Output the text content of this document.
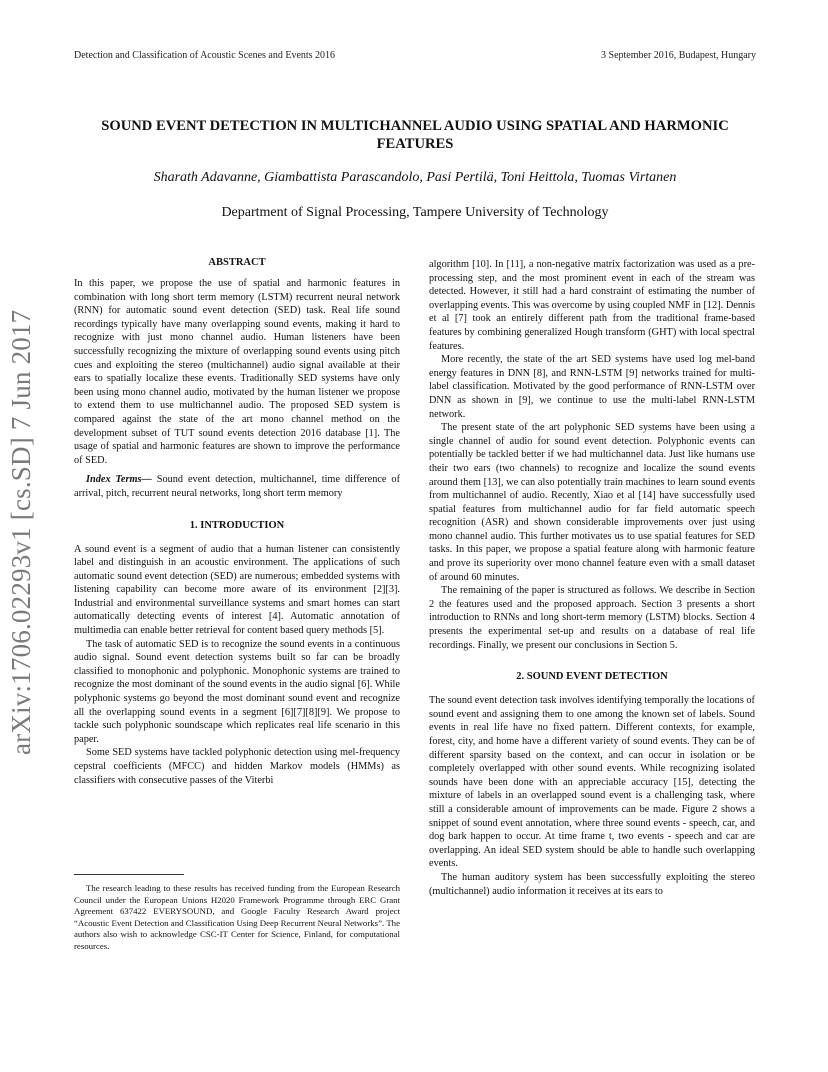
Detection and Classification of Acoustic Scenes and Events 2016	3 September 2016, Budapest, Hungary
arXiv:1706.02293v1 [cs.SD] 7 Jun 2017
SOUND EVENT DETECTION IN MULTICHANNEL AUDIO USING SPATIAL AND HARMONIC FEATURES
Sharath Adavanne, Giambattista Parascandolo, Pasi Pertilä, Toni Heittola, Tuomas Virtanen
Department of Signal Processing, Tampere University of Technology
ABSTRACT

In this paper, we propose the use of spatial and harmonic features in combination with long short term memory (LSTM) recurrent neural network (RNN) for automatic sound event detection (SED) task. Real life sound recordings typically have many overlapping sound events, making it hard to recognize with just mono channel audio. Human listeners have been successfully recognizing the mixture of overlapping sound events using pitch cues and exploiting the stereo (multichannel) audio signal available at their ears to spatially localize these events. Traditionally SED systems have only been using mono channel audio, motivated by the human listener we propose to extend them to use multichannel audio. The proposed SED system is compared against the state of the art mono channel method on the development subset of TUT sound events detection 2016 database [1]. The usage of spatial and harmonic features are shown to improve the performance of SED.

Index Terms— Sound event detection, multichannel, time difference of arrival, pitch, recurrent neural networks, long short term memory

1. INTRODUCTION

A sound event is a segment of audio that a human listener can consistently label and distinguish in an acoustic environment. The applications of such automatic sound event detection (SED) are numerous; embedded systems with listening capability can become more aware of its environment [2][3]. Industrial and environmental surveillance systems and smart homes can start automatically detecting events of interest [4]. Automatic annotation of multimedia can enable better retrieval for content based query methods [5].

The task of automatic SED is to recognize the sound events in a continuous audio signal. Sound event detection systems built so far can be broadly classified to monophonic and polyphonic. Monophonic systems are trained to recognize the most dominant of the sound events in the audio signal [6]. While polyphonic systems go beyond the most dominant sound event and recognize all the overlapping sound events in a segment [6][7][8][9]. We propose to tackle such polyphonic soundscape which replicates real life scenario in this paper.

Some SED systems have tackled polyphonic detection using mel-frequency cepstral coefficients (MFCC) and hidden Markov models (HMMs) as classifiers with consecutive passes of the Viterbi

The research leading to these results has received funding from the European Research Council under the European Unions H2020 Framework Programme through ERC Grant Agreement 637422 EVERYSOUND, and Google Faculty Research Award project “Acoustic Event Detection and Classification Using Deep Recurrent Neural Networks”. The authors also wish to acknowledge CSC-IT Center for Science, Finland, for computational resources.

algorithm [10]. In [11], a non-negative matrix factorization was used as a pre-processing step, and the most prominent event in each of the stream was detected. However, it still had a hard constraint of estimating the number of overlapping events. This was overcome by using coupled NMF in [12]. Dennis et al [7] took an entirely different path from the traditional frame-based features by combining generalized Hough transform (GHT) with local spectral features.

More recently, the state of the art SED systems have used log mel-band energy features in DNN [8], and RNN-LSTM [9] networks trained for multi-label classification. Motivated by the good performance of RNN-LSTM over DNN as shown in [9], we continue to use the multi-label RNN-LSTM network.

The present state of the art polyphonic SED systems have been using a single channel of audio for sound event detection. Polyphonic events can potentially be tackled better if we had multichannel data. Just like humans use their two ears (two channels) to recognize and localize the sound events around them [13], we can also potentially train machines to learn sound events from multichannel of audio. Recently, Xiao et al [14] have successfully used spatial features from multichannel audio for far field automatic speech recognition (ASR) and shown considerable improvements over just using mono channel audio. This further motivates us to use spatial features for SED tasks. In this paper, we propose a spatial feature along with harmonic feature and prove its superiority over mono channel feature even with a small dataset of around 60 minutes.

The remaining of the paper is structured as follows. We describe in Section 2 the features used and the proposed approach. Section 3 presents a short introduction to RNNs and long short-term memory (LSTM) blocks. Section 4 presents the experimental set-up and results on a database of real life recordings. Finally, we present our conclusions in Section 5.

2. SOUND EVENT DETECTION

The sound event detection task involves identifying temporally the locations of sound event and assigning them to one among the known set of labels. Sound events in real life have no fixed pattern. Different contexts, for example, forest, city, and home have a different variety of sound events. They can be of different sparsity based on the context, and can occur in isolation or be completely overlapped with other sound events. While recognizing isolated sounds have been done with an appreciable accuracy [15], detecting the mixture of labels in an overlapped sound event is a challenging task, where still a considerable amount of improvements can be made. Figure 2 shows a snippet of sound event annotation, where three sound events - speech, car, and dog bark happen to occur. At time frame t, two events - speech and car are overlapping. An ideal SED system should be able to handle such overlapping events.

The human auditory system has been successfully exploiting the stereo (multichannel) audio information it receives at its ears to
